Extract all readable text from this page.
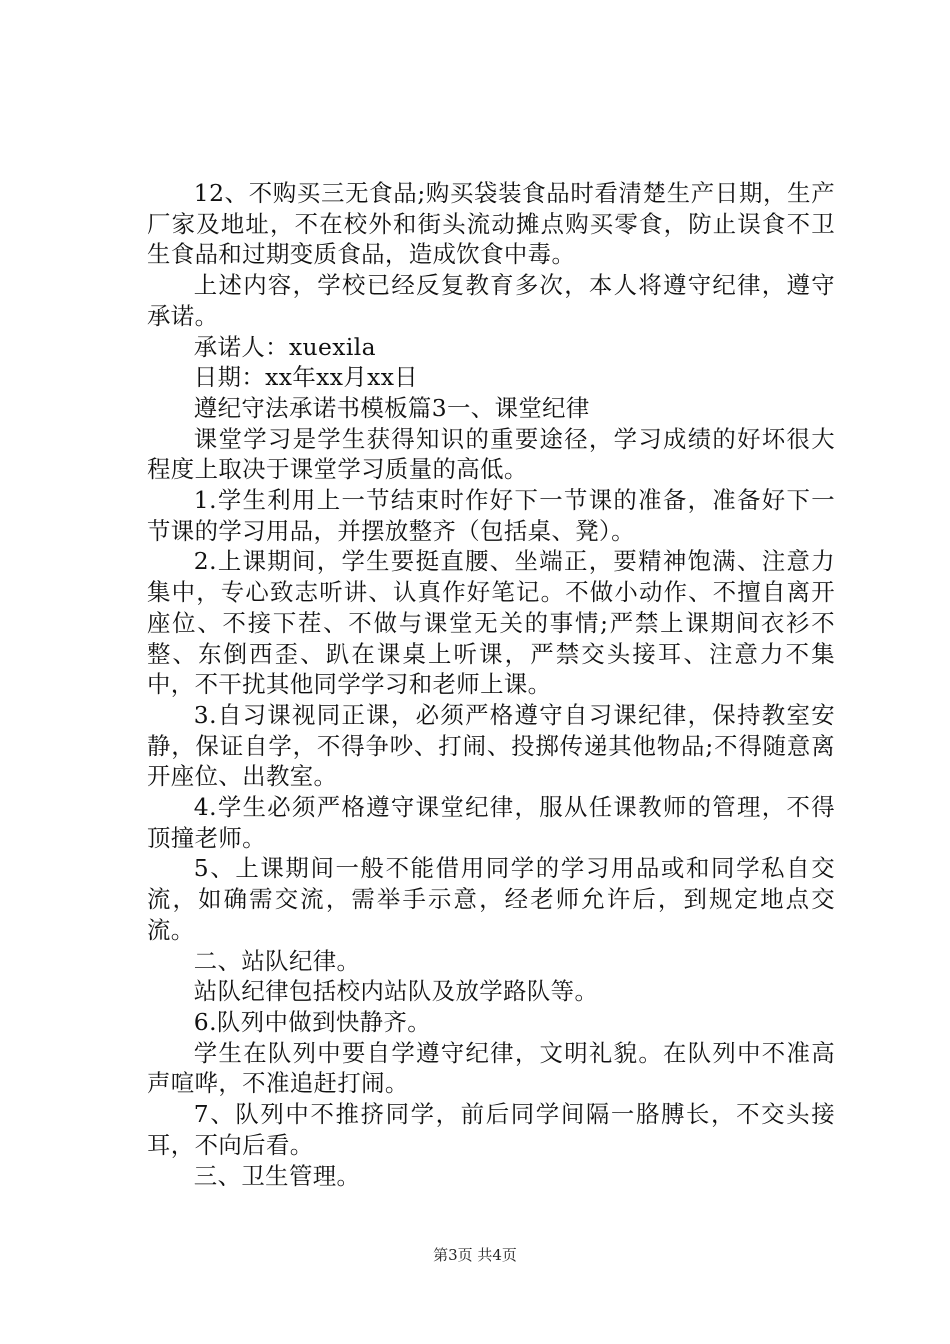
12、不购买三无食品;购买袋装食品时看清楚生产日期，生产厂家及地址，不在校外和街头流动摊点购买零食，防止误食不卫生食品和过期变质食品，造成饮食中毒。

上述内容，学校已经反复教育多次，本人将遵守纪律，遵守承诺。

承诺人：xuexila

日期：xx年xx月xx日

遵纪守法承诺书模板篇3一、课堂纪律

课堂学习是学生获得知识的重要途径，学习成绩的好坏很大程度上取决于课堂学习质量的高低。

1.学生利用上一节结束时作好下一节课的准备，准备好下一节课的学习用品，并摆放整齐（包括桌、凳）。

2.上课期间，学生要挺直腰、坐端正，要精神饱满、注意力集中，专心致志听讲、认真作好笔记。不做小动作、不擅自离开座位、不接下茬、不做与课堂无关的事情;严禁上课期间衣衫不整、东倒西歪、趴在课桌上听课，严禁交头接耳、注意力不集中，不干扰其他同学学习和老师上课。

3.自习课视同正课，必须严格遵守自习课纪律，保持教室安静，保证自学，不得争吵、打闹、投掷传递其他物品;不得随意离开座位、出教室。

4.学生必须严格遵守课堂纪律，服从任课教师的管理，不得顶撞老师。

5、上课期间一般不能借用同学的学习用品或和同学私自交流，如确需交流，需举手示意，经老师允许后，到规定地点交流。

二、站队纪律。

站队纪律包括校内站队及放学路队等。

6.队列中做到快静齐。

学生在队列中要自学遵守纪律，文明礼貌。在队列中不准高声喧哗，不准追赶打闹。

7、队列中不推挤同学，前后同学间隔一胳膊长，不交头接耳，不向后看。

三、卫生管理。

第3页 共4页
